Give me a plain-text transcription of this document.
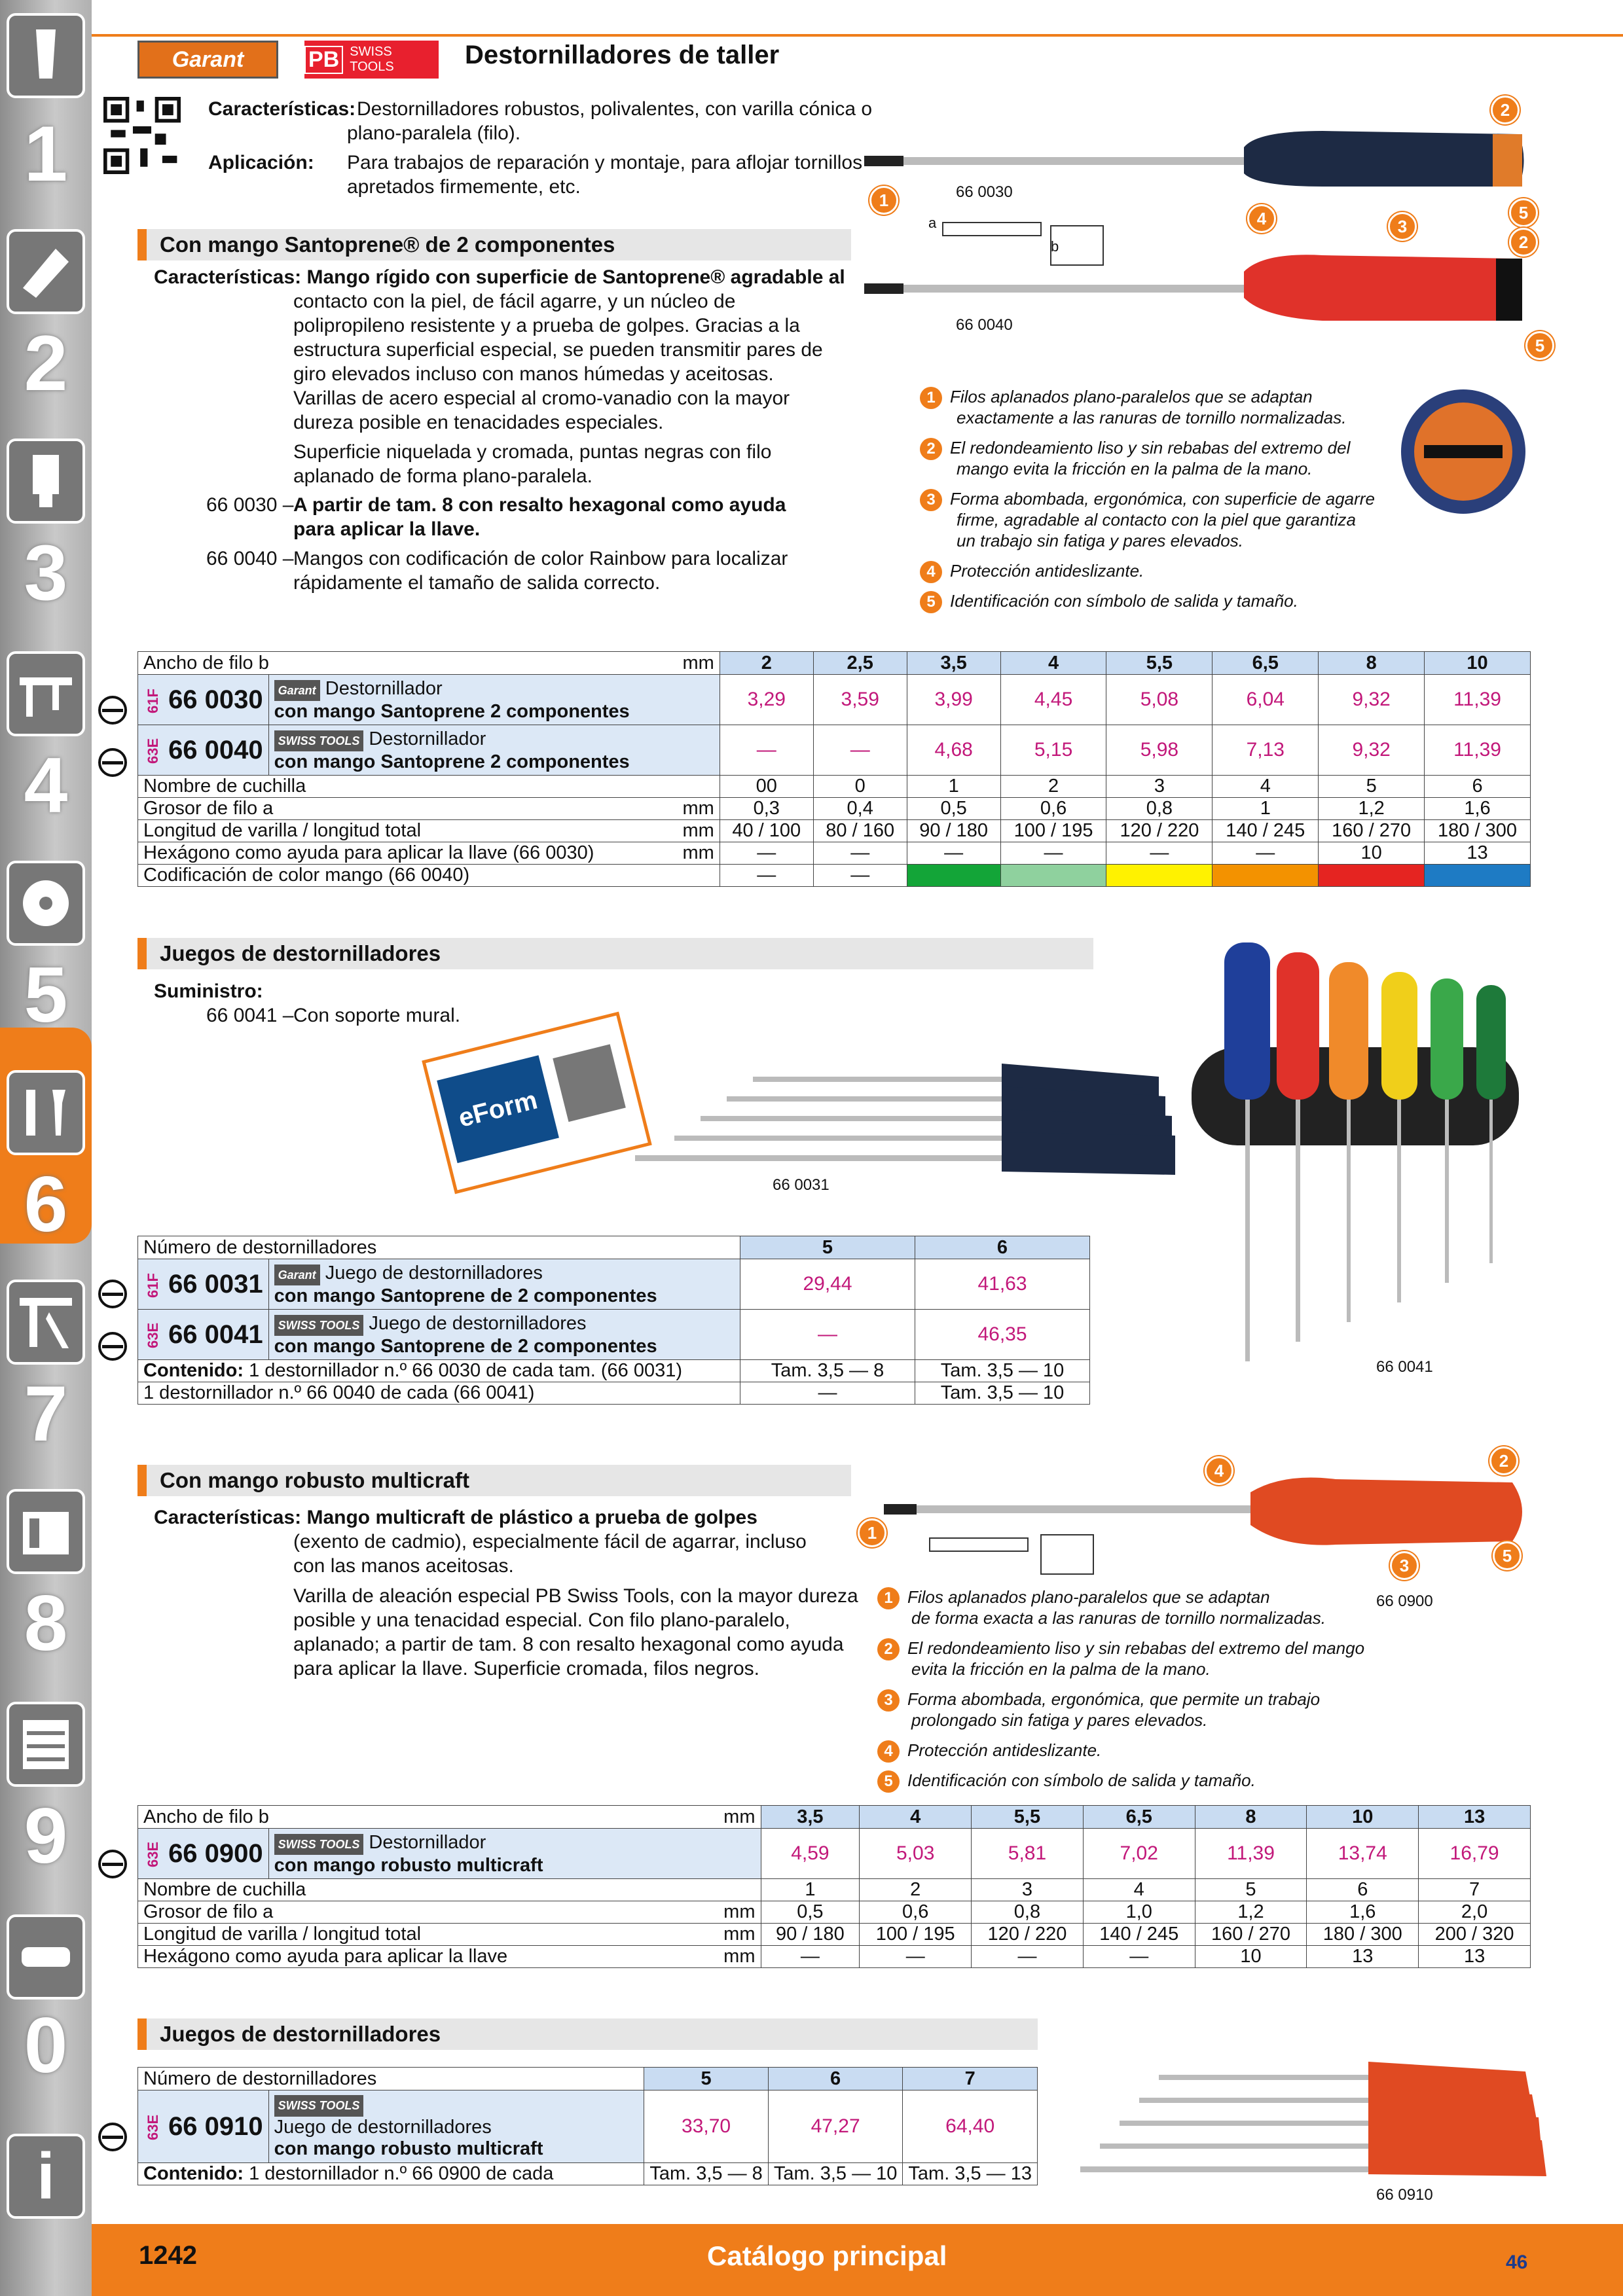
1
2
3
4
5
6
7
8
9
0
i
Garant	PB SWISS TOOLS	Destornilladores de taller
Características: Destornilladores robustos, polivalentes, con varilla cónica o
plano-paralela (filo).
Aplicación: Para trabajos de reparación y montaje, para aflojar tornillos
apretados firmemente, etc.
Con mango Santoprene® de 2 componentes
Características: Mango rígido con superficie de Santoprene® agradable al
contacto con la piel, de fácil agarre, y un núcleo de
polipropileno resistente y a prueba de golpes. Gracias a la
estructura superficial especial, se pueden transmitir pares de
giro elevados incluso con manos húmedas y aceitosas.
Varillas de acero especial al cromo-vanadio con la mayor
dureza posible en tenacidades especiales.
Superficie niquelada y cromada, puntas negras con filo
aplanado de forma plano-paralela.
66 0030 – A partir de tam. 8 con resalto hexagonal como ayuda
para aplicar la llave.
66 0040 – Mangos con codificación de color Rainbow para localizar
rápidamente el tamaño de salida correcto.
66 0030
66 0040
a
b
1
2
3
4	5
2
5
1 Filos aplanados plano-paralelos que se adaptan
exactamente a las ranuras de tornillo normalizadas.
2 El redondeamiento liso y sin rebabas del extremo del
mango evita la fricción en la palma de la mano.
3 Forma abombada, ergonómica, con superficie de agarre
firme, agradable al contacto con la piel que garantiza
un trabajo sin fatiga y pares elevados.
4 Protección antideslizante.
5 Identificación con símbolo de salida y tamaño.
Ancho de filo b mm		2	2,5	3,5	4	5,5	6,5	8	10
61F 66 0030	Garant Destornillador
con mango Santoprene 2 componentes	3,29	3,59	3,99	4,45	5,08	6,04	9,32	11,39
63E 66 0040	SWISS TOOLS Destornillador
con mango Santoprene 2 componentes	—	—	4,68	5,15	5,98	7,13	9,32	11,39
Nombre de cuchilla		00	0	1	2	3	4	5	6
Grosor de filo a mm		0,3	0,4	0,5	0,6	0,8	1	1,2	1,6
Longitud de varilla / longitud total mm		40 / 100	80 / 160	90 / 180	100 / 195	120 / 220	140 / 245	160 / 270	180 / 300
Hexágono como ayuda para aplicar la llave (66 0030) mm		—	—	—	—	—	—	10	13
Codificación de color mango (66 0040)		—	—						
Juegos de destornilladores
Suministro:
66 0041 – Con soporte mural.
eForm
66 0031
66 0041
Número de destornilladores		5	6
61F 66 0031	Garant Juego de destornilladores
con mango Santoprene de 2 componentes	29,44	41,63
63E 66 0041	SWISS TOOLS Juego de destornilladores
con mango Santoprene de 2 componentes	—	46,35
Contenido: 1 destornillador n.º 66 0030 de cada tam. (66 0031)		Tam. 3,5 — 8	Tam. 3,5 — 10
1 destornillador n.º 66 0040 de cada (66 0041)		—	Tam. 3,5 — 10
Con mango robusto multicraft
Características: Mango multicraft de plástico a prueba de golpes
(exento de cadmio), especialmente fácil de agarrar, incluso
con las manos aceitosas.
Varilla de aleación especial PB Swiss Tools, con la mayor dureza
posible y una tenacidad especial. Con filo plano-paralelo,
aplanado; a partir de tam. 8 con resalto hexagonal como ayuda
para aplicar la llave. Superficie cromada, filos negros.
1
4	2
3	5
66 0900
1 Filos aplanados plano-paralelos que se adaptan
de forma exacta a las ranuras de tornillo normalizadas.
2 El redondeamiento liso y sin rebabas del extremo del mango
evita la fricción en la palma de la mano.
3 Forma abombada, ergonómica, que permite un trabajo
prolongado sin fatiga y pares elevados.
4 Protección antideslizante.
5 Identificación con símbolo de salida y tamaño.
Ancho de filo b mm		3,5	4	5,5	6,5	8	10	13
63E 66 0900	SWISS TOOLS Destornillador
con mango robusto multicraft	4,59	5,03	5,81	7,02	11,39	13,74	16,79
Nombre de cuchilla		1	2	3	4	5	6	7
Grosor de filo a mm		0,5	0,6	0,8	1,0	1,2	1,6	2,0
Longitud de varilla / longitud total mm		90 / 180	100 / 195	120 / 220	140 / 245	160 / 270	180 / 300	200 / 320
Hexágono como ayuda para aplicar la llave mm		—	—	—	—	10	13	13
Juegos de destornilladores
Número de destornilladores		5	6	7
63E 66 0910	SWISS TOOLS
Juego de destornilladores
con mango robusto multicraft	33,70	47,27	64,40
Contenido: 1 destornillador n.º 66 0900 de cada		Tam. 3,5 — 8	Tam. 3,5 — 10	Tam. 3,5 — 13
66 0910
1242	Catálogo principal	46
